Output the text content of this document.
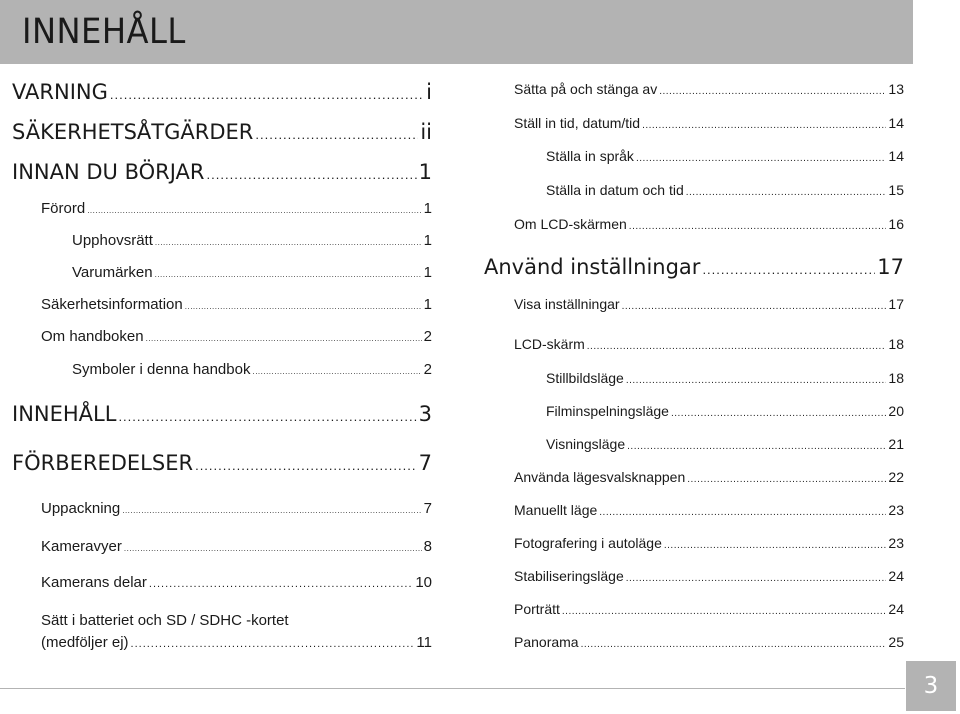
INNEHÅLL
VARNING .....	i
SÄKERHETSÅTGÄRDER .....	ii
INNAN DU BÖRJAR .....	1
Förord .....	1
Upphovsrätt .....	1
Varumärken .....	1
Säkerhetsinformation .....	1
Om handboken .....	2
Symboler i denna handbok .....	2
INNEHÅLL .....	3
FÖRBEREDELSER .....	7
Uppackning .....	7
Kameravyer .....	8
Kamerans delar .....	10
Sätt i batteriet och SD / SDHC -kortet
(medföljer ej) .....	11
Sätta på och stänga av .....	13
Ställ in tid, datum/tid .....	14
Ställa in språk .....	14
Ställa in datum och tid .....	15
Om LCD-skärmen .....	16
Använd inställningar .....	17
Visa inställningar .....	17
LCD-skärm .....	18
Stillbildsläge .....	18
Filminspelningsläge .....	20
Visningsläge .....	21
Använda lägesvalsknappen .....	22
Manuellt läge .....	23
Fotografering i autoläge .....	23
Stabiliseringsläge .....	24
Porträtt .....	24
Panorama .....	25
3
